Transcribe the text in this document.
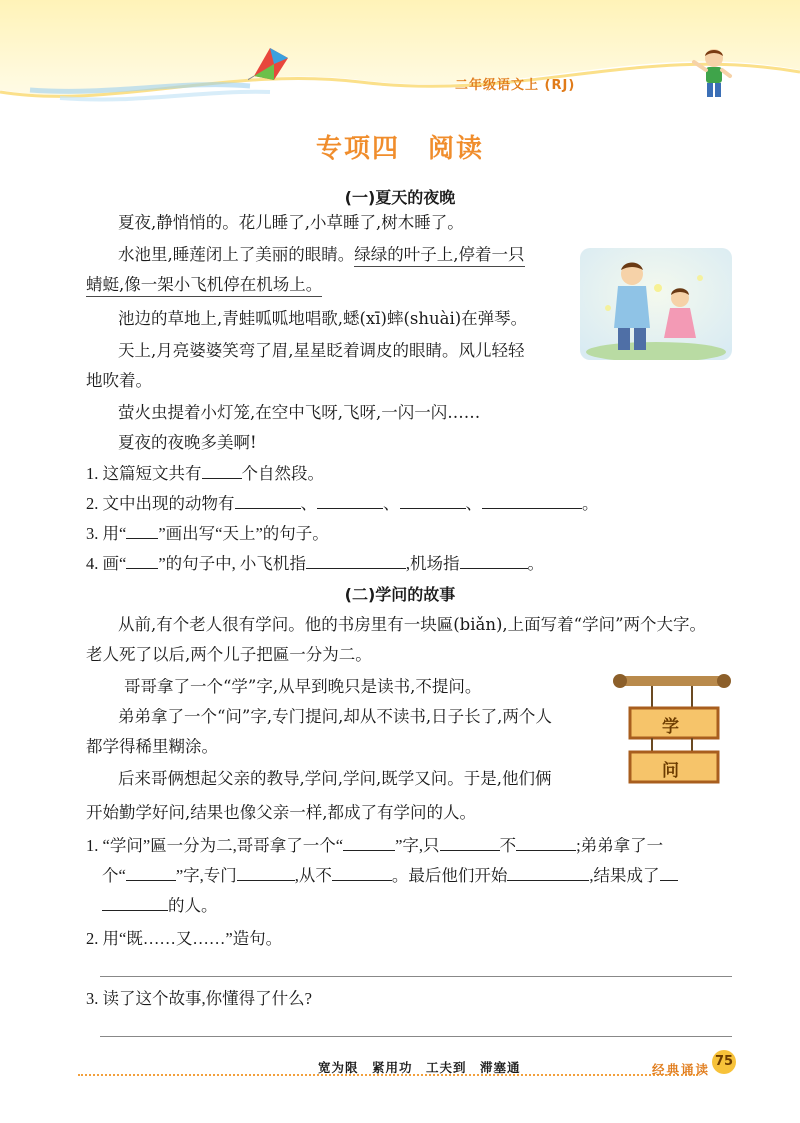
二年级语文上 (RJ)
专项四　阅读
(一)夏天的夜晚
夏夜,静悄悄的。花儿睡了,小草睡了,树木睡了。
水池里,睡莲闭上了美丽的眼睛。绿绿的叶子上,停着一只
蜻蜓,像一架小飞机停在机场上。
池边的草地上,青蛙呱呱地唱歌,蟋(xī)蟀(shuài)在弹琴。
天上,月亮婆婆笑弯了眉,星星眨着调皮的眼睛。风儿轻轻
地吹着。
萤火虫提着小灯笼,在空中飞呀,飞呀,一闪一闪……
夏夜的夜晚多美啊!
1. 这篇短文共有 个自然段。
2. 文中出现的动物有	、	、	、	。
3. 用“ ”画出写“天上”的句子。
4. 画“ ”的句子中, 小飞机指	,机场指	。
(二)学问的故事
从前,有个老人很有学问。他的书房里有一块匾(biǎn),上面写着“学问”两个大字。
老人死了以后,两个儿子把匾一分为二。
哥哥拿了一个“学”字,从早到晚只是读书,不提问。
弟弟拿了一个“问”字,专门提问,却从不读书,日子长了,两个人
都学得稀里糊涂。
后来哥俩想起父亲的教导,学问,学问,既学又问。于是,他们俩
开始勤学好问,结果也像父亲一样,都成了有学问的人。
学
问
1. “学问”匾一分为二,哥哥拿了一个“	”字,只	不	;弟弟拿了一
个“	”字,专门	,从不	。最后他们开始	,结果成了
的人。
2. 用“既……又……”造句。
3. 读了这个故事,你懂得了什么?
宽为限　紧用功　工夫到　滞塞通	经典诵读
75
